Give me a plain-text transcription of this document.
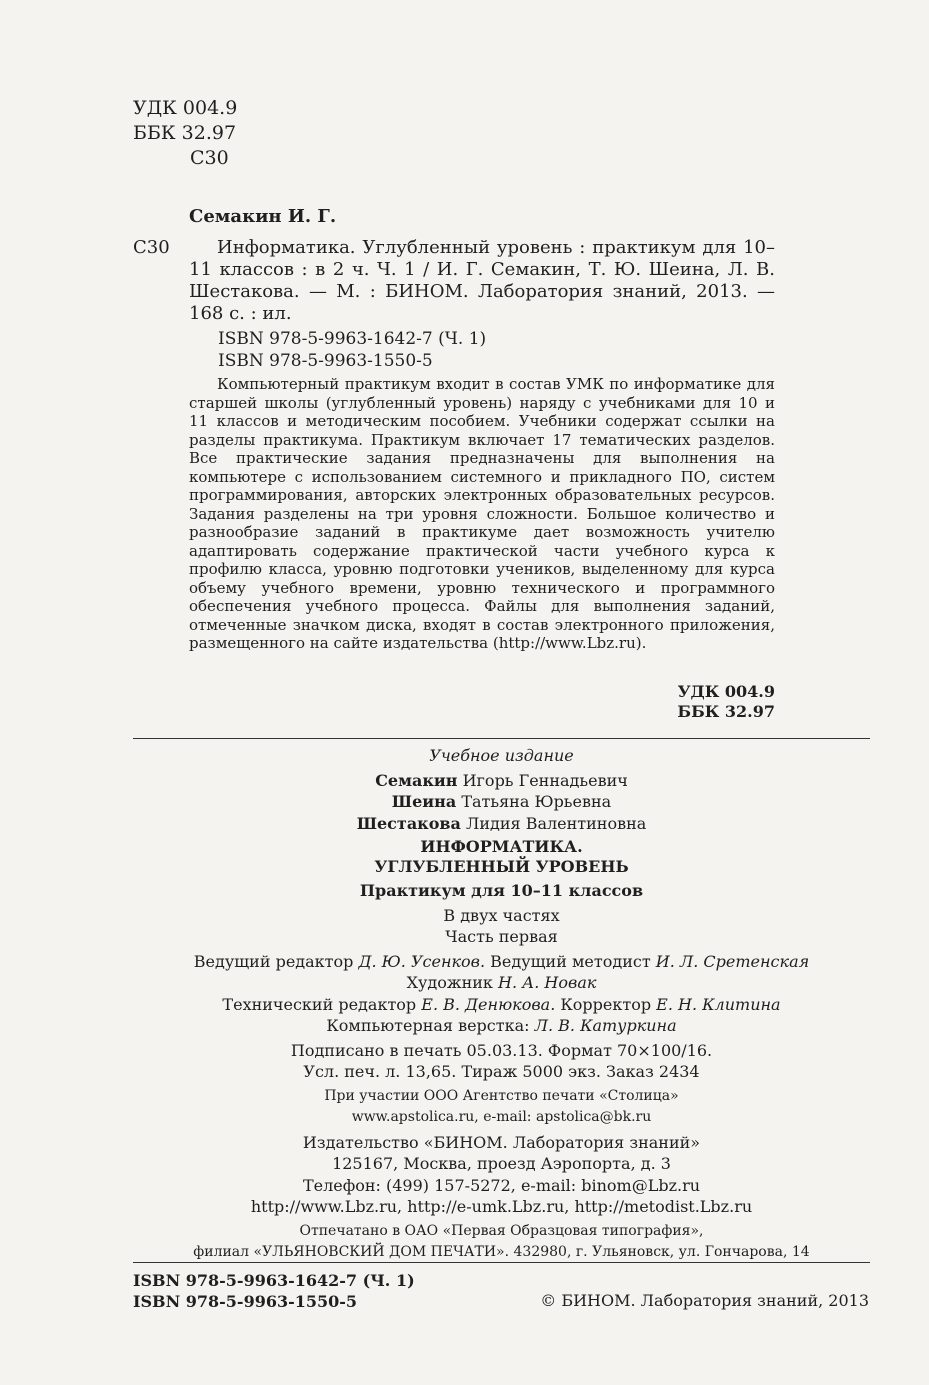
УДК 004.9
ББК 32.97
С30
Семакин И. Г.
С30	Информатика. Углубленный уровень : практикум для 10–11 классов : в 2 ч. Ч. 1 / И. Г. Семакин, Т. Ю. Шеина, Л. В. Шестакова. — М. : БИНОМ. Лаборатория знаний, 2013. — 168 с. : ил.
ISBN 978-5-9963-1642-7 (Ч. 1)
ISBN 978-5-9963-1550-5
Компьютерный практикум входит в состав УМК по информатике для старшей школы (углубленный уровень) наряду с учебниками для 10 и 11 классов и методическим пособием. Учебники содержат ссылки на разделы практикума. Практикум включает 17 тематических разделов. Все практические задания предназначены для выполнения на компьютере с использованием системного и прикладного ПО, систем программирования, авторских электронных образовательных ресурсов. Задания разделены на три уровня сложности. Большое количество и разнообразие заданий в практикуме дает возможность учителю адаптировать содержание практической части учебного курса к профилю класса, уровню подготовки учеников, выделенному для курса объему учебного времени, уровню технического и программного обеспечения учебного процесса. Файлы для выполнения заданий, отмеченные значком диска, входят в состав электронного приложения, размещенного на сайте издательства (http://www.Lbz.ru).
УДК 004.9
ББК 32.97
Учебное издание
Семакин Игорь Геннадьевич
Шеина Татьяна Юрьевна
Шестакова Лидия Валентиновна
ИНФОРМАТИКА.
УГЛУБЛЕННЫЙ УРОВЕНЬ
Практикум для 10–11 классов
В двух частях
Часть первая
Ведущий редактор Д. Ю. Усенков. Ведущий методист И. Л. Сретенская
Художник Н. А. Новак
Технический редактор Е. В. Денюкова. Корректор Е. Н. Клитина
Компьютерная верстка: Л. В. Катуркина
Подписано в печать 05.03.13. Формат 70×100/16.
Усл. печ. л. 13,65. Тираж 5000 экз. Заказ 2434
При участии ООО Агентство печати «Столица»
www.apstolica.ru, e-mail: apstolica@bk.ru
Издательство «БИНОМ. Лаборатория знаний»
125167, Москва, проезд Аэропорта, д. 3
Телефон: (499) 157-5272, e-mail: binom@Lbz.ru
http://www.Lbz.ru, http://e-umk.Lbz.ru, http://metodist.Lbz.ru
Отпечатано в ОАО «Первая Образцовая типография»,
филиал «УЛЬЯНОВСКИЙ ДОМ ПЕЧАТИ». 432980, г. Ульяновск, ул. Гончарова, 14
ISBN 978-5-9963-1642-7 (Ч. 1)
ISBN 978-5-9963-1550-5	© БИНОМ. Лаборатория знаний, 2013
